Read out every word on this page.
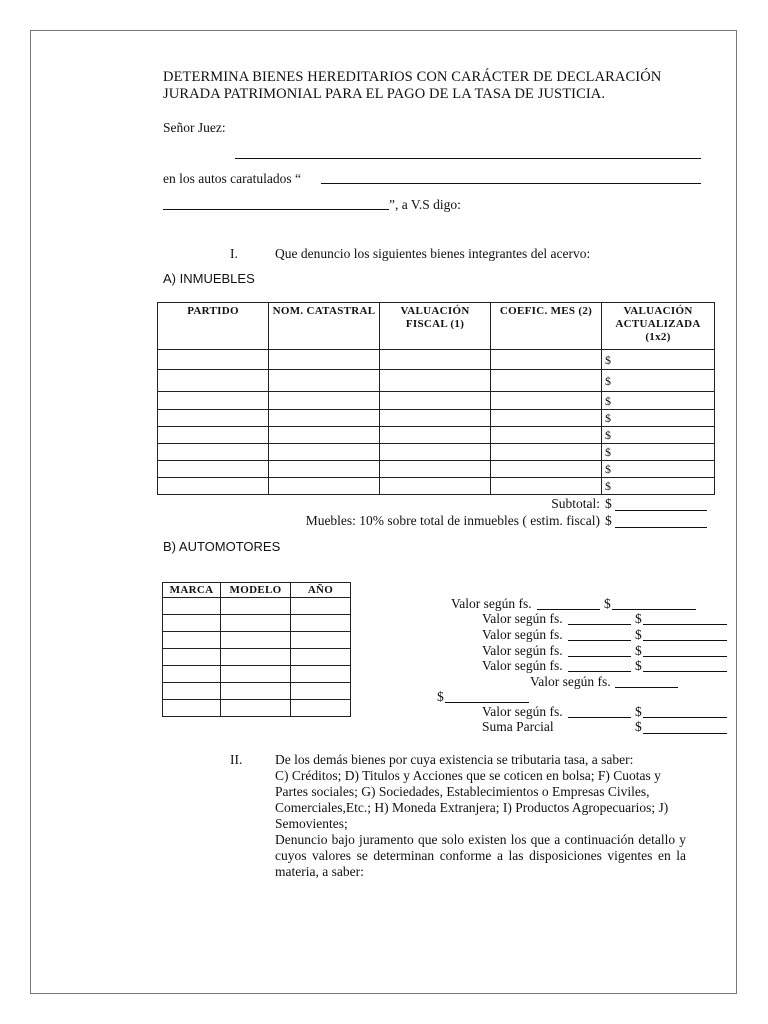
DETERMINA BIENES HEREDITARIOS CON CARÁCTER DE DECLARACIÓN
JURADA PATRIMONIAL PARA EL PAGO DE LA TASA DE JUSTICIA.
Señor Juez:
en los autos caratulados “
”, a V.S digo:
I.	Que denuncio los siguientes bienes integrantes del acervo:
A) INMUEBLES
PARTIDO	NOM. CATASTRAL	VALUACIÓN FISCAL (1)	COEFIC. MES (2)	VALUACIÓN ACTUALIZADA (1x2)
				$
				$
				$
				$
				$
				$
				$
				$
Subtotal: $
Muebles: 10% sobre total de inmuebles ( estim. fiscal) $
B) AUTOMOTORES
MARCA	MODELO	AÑO

Valor según fs.	$
Valor según fs.	$
Valor según fs.	$
Valor según fs.	$
Valor según fs.	$
Valor según fs.
$
Valor según fs.	$
Suma Parcial	$
II. De los demás bienes por cuya existencia se tributaria tasa, a saber:

C) Créditos; D) Titulos y Acciones que se coticen en bolsa; F) Cuotas y Partes sociales; G) Sociedades, Establecimientos o Empresas Civiles, Comerciales,Etc.; H) Moneda Extranjera; I) Productos Agropecuarios; J) Semovientes;

Denuncio bajo juramento que solo existen los que a continuación detallo y cuyos valores se determinan conforme a las disposiciones vigentes en la materia, a saber:
